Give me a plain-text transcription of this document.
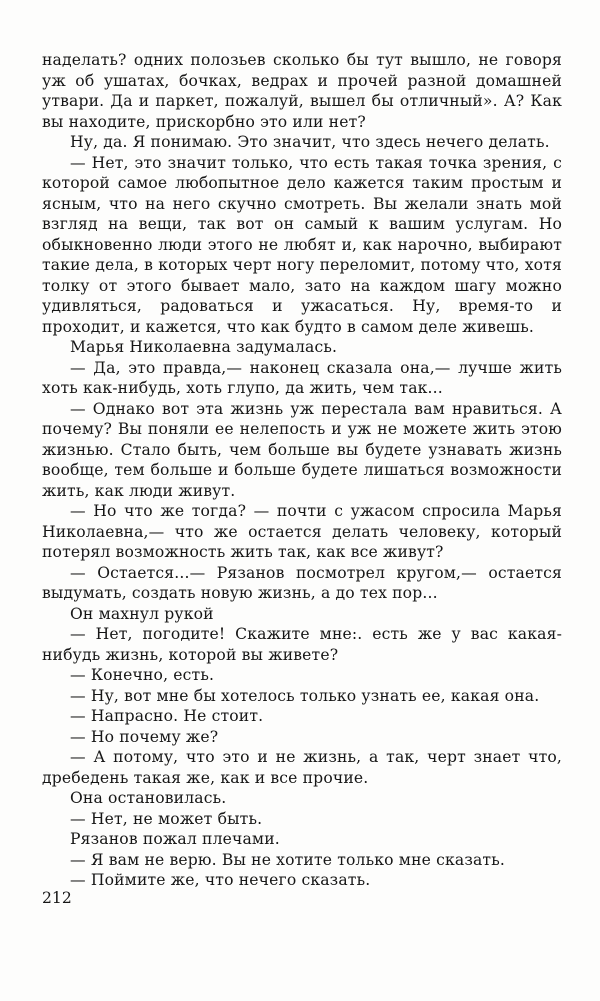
наделать? одних полозьев сколько бы тут вышло, не говоря уж об ушатах, бочках, ведрах и прочей разной домашней утвари. Да и паркет, пожалуй, вышел бы отличный». А? Как вы находите, прискорбно это или нет?

Ну, да. Я понимаю. Это значит, что здесь нечего делать.

— Нет, это значит только, что есть такая точка зрения, с которой самое любопытное дело кажется таким простым и ясным, что на него скучно смотреть. Вы желали знать мой взгляд на вещи, так вот он самый к вашим услугам. Но обыкновенно люди этого не любят и, как нарочно, выбирают такие дела, в которых черт ногу переломит, потому что, хотя толку от этого бывает мало, зато на каждом шагу можно удивляться, радоваться и ужасаться. Ну, время-то и проходит, и кажется, что как будто в самом деле живешь.

Марья Николаевна задумалась.

— Да, это правда,— наконец сказала она,— лучше жить хоть как-нибудь, хоть глупо, да жить, чем так...

— Однако вот эта жизнь уж перестала вам нравиться. А почему? Вы поняли ее нелепость и уж не можете жить этою жизнью. Стало быть, чем больше вы будете узнавать жизнь вообще, тем больше и больше будете лишаться возможности жить, как люди живут.

— Но что же тогда? — почти с ужасом спросила Марья Николаевна,— что же остается делать человеку, который потерял возможность жить так, как все живут?

— Остается...— Рязанов посмотрел кругом,— остается выдумать, создать новую жизнь, а до тех пор...

Он махнул рукой

— Нет, погодите! Скажите мне:. есть же у вас какая-нибудь жизнь, которой вы живете?

— Конечно, есть.

— Ну, вот мне бы хотелось только узнать ее, какая она.

— Напрасно. Не стоит.

— Но почему же?

— А потому, что это и не жизнь, а так, черт знает что, дребедень такая же, как и все прочие.

Она остановилась.

— Нет, не может быть.

Рязанов пожал плечами.

— Я вам не верю. Вы не хотите только мне сказать.

— Поймите же, что нечего сказать.

212
